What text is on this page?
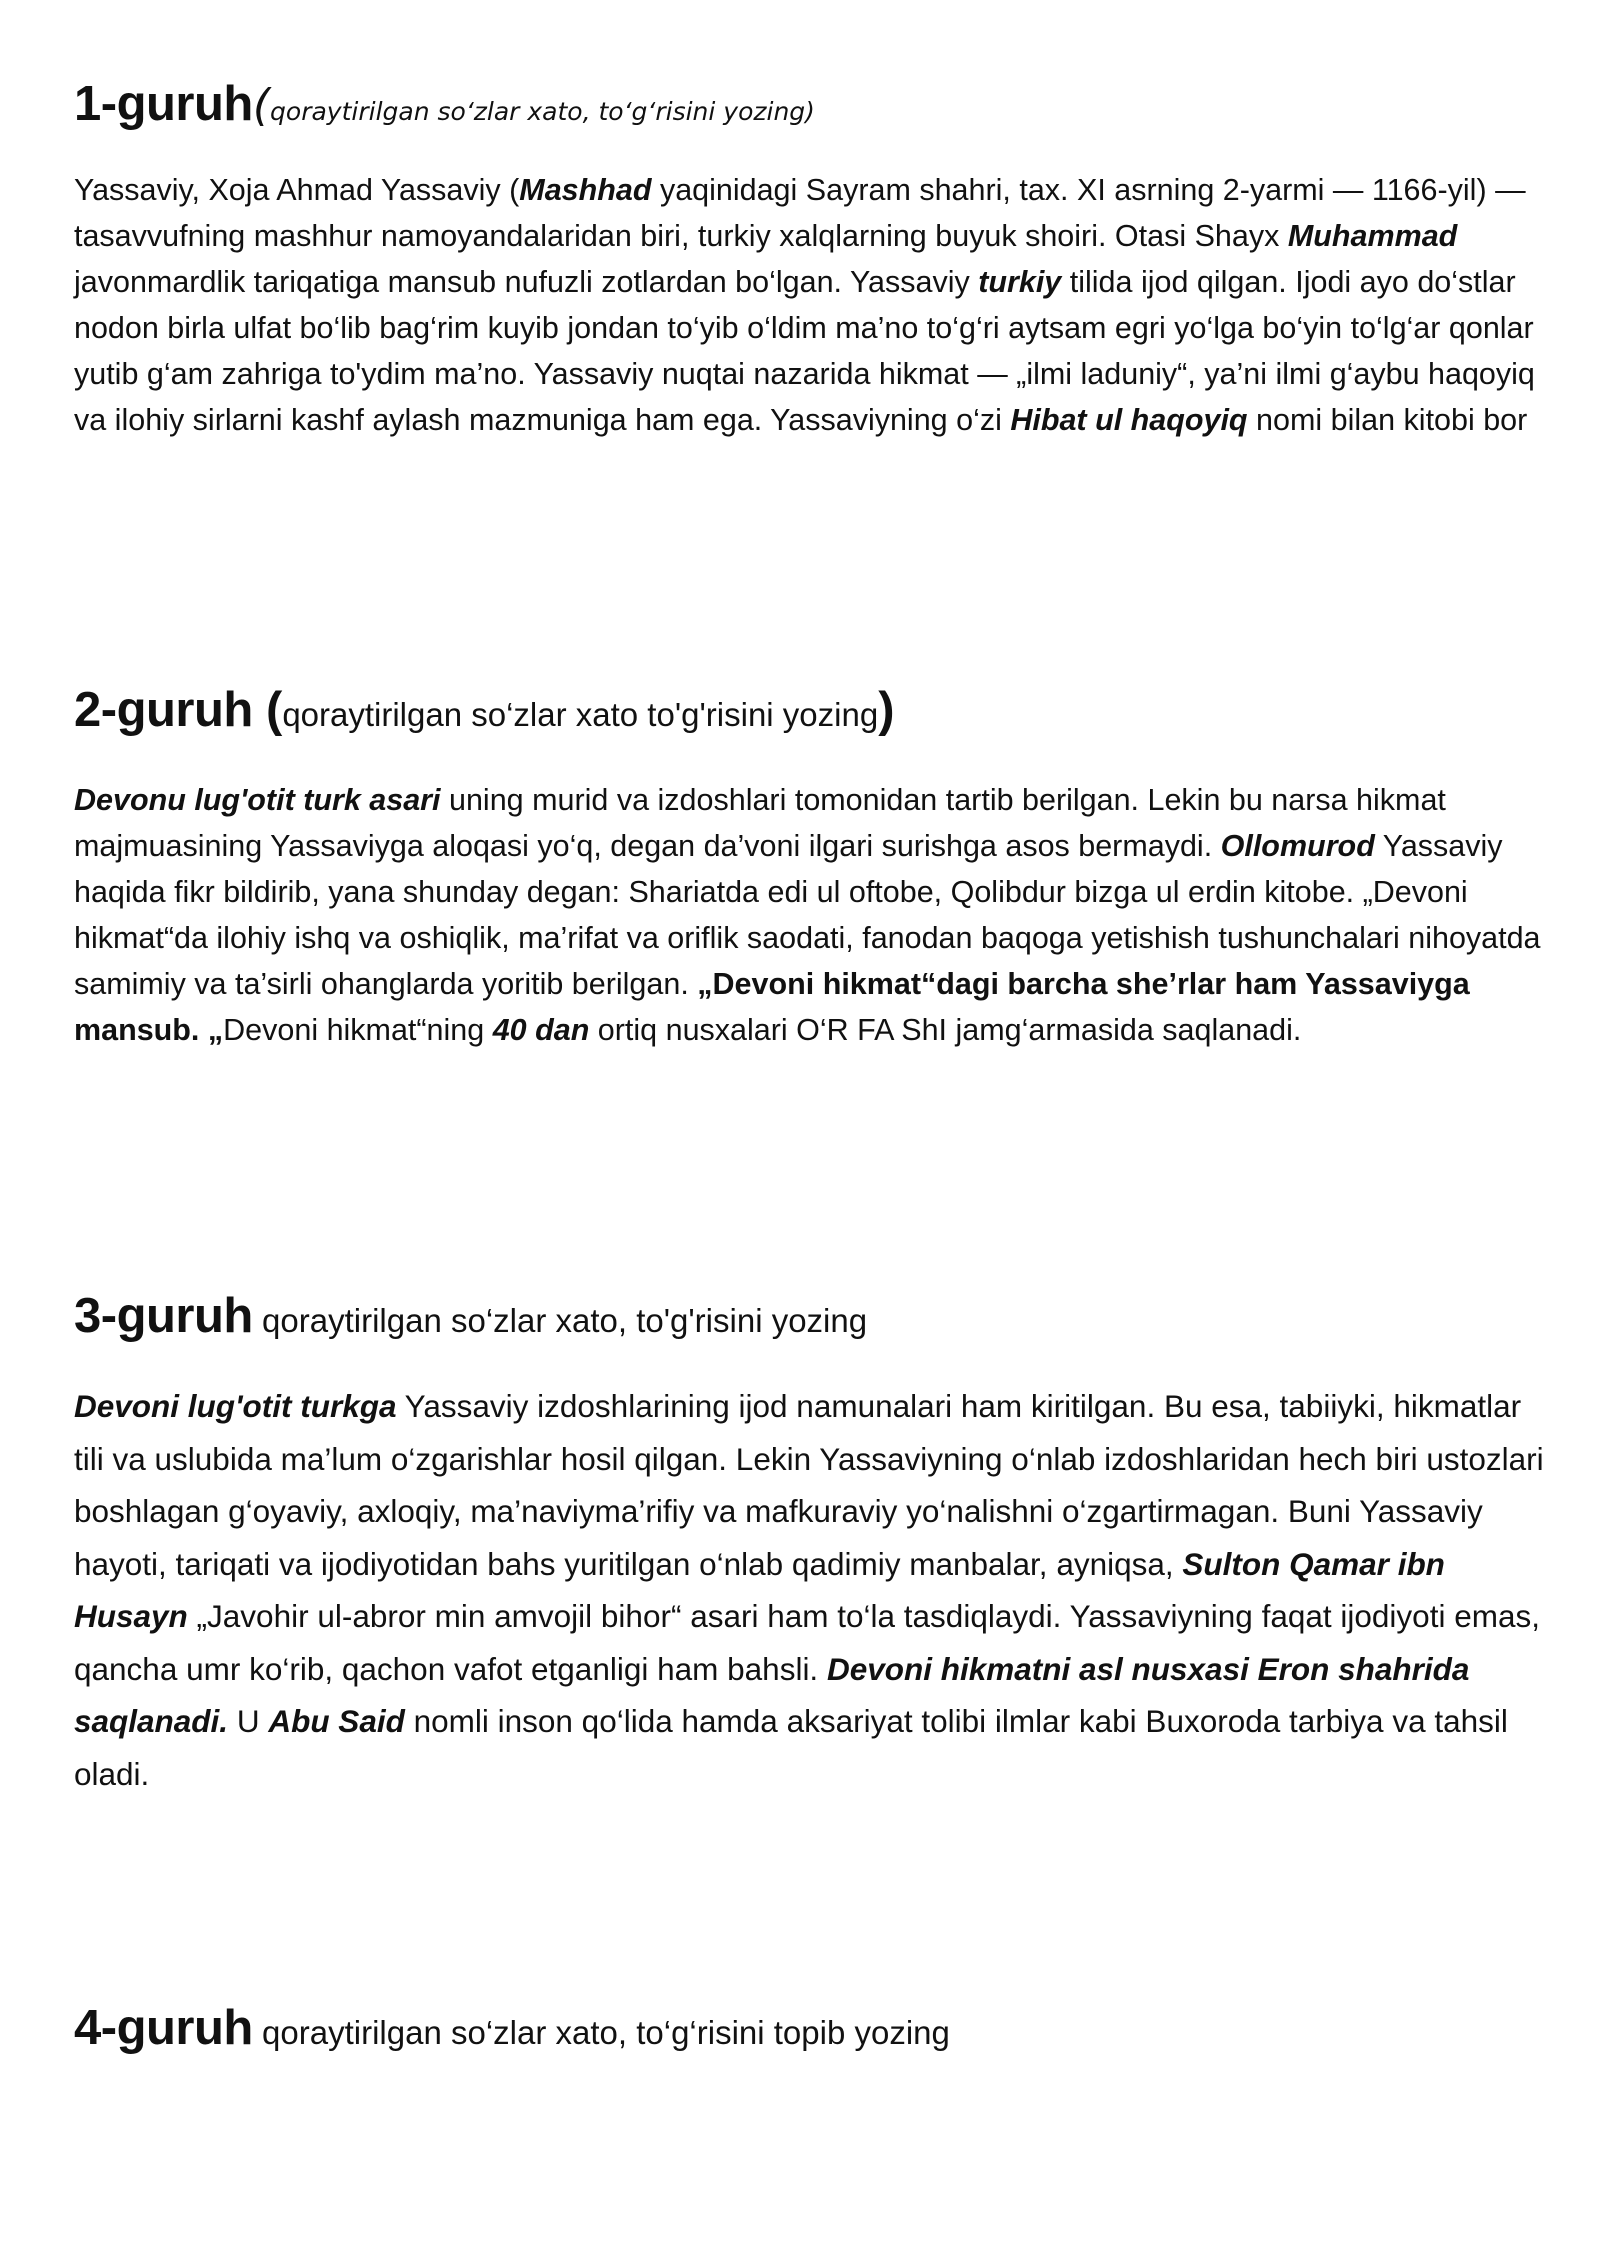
1-guruh(qoraytirilgan so‘zlar xato, to‘g‘risini yozing)

Yassaviy, Xoja Ahmad Yassaviy (Mashhad yaqinidagi Sayram shahri, tax. XI asrning 2-yarmi — 1166-yil) — tasavvufning mashhur namoyandalaridan biri, turkiy xalqlarning buyuk shoiri. Otasi Shayx Muhammad javonmardlik tariqatiga mansub nufuzli zotlardan bo‘lgan. Yassaviy turkiy tilida ijod qilgan. Ijodi ayo do‘stlar nodon birla ulfat bo‘lib bag‘rim kuyib jondan to‘yib o‘ldim ma’no to‘g‘ri aytsam egri yo‘lga bo‘yin to‘lg‘ar qonlar yutib g‘am zahriga to'ydim ma’no. Yassaviy nuqtai nazarida hikmat — „ilmi laduniy“, ya’ni ilmi g‘aybu haqoyiq va ilohiy sirlarni kashf aylash mazmuniga ham ega. Yassaviyning o‘zi Hibat ul haqoyiq nomi bilan kitobi bor

2-guruh (qoraytirilgan so‘zlar xato to'g'risini yozing)

Devonu lug'otit turk asari uning murid va izdoshlari tomonidan tartib berilgan. Lekin bu narsa hikmat majmuasining Yassaviyga aloqasi yo‘q, degan da’voni ilgari surishga asos bermaydi. Ollomurod Yassaviy haqida fikr bildirib, yana shunday degan: Shariatda edi ul oftobe, Qolibdur bizga ul erdin kitobe. „Devoni hikmat“da ilohiy ishq va oshiqlik, ma’rifat va oriflik saodati, fanodan baqoga yetishish tushunchalari nihoyatda samimiy va ta’sirli ohanglarda yoritib berilgan. „Devoni hikmat“dagi barcha she’rlar ham Yassaviyga mansub. „Devoni hikmat“ning 40 dan ortiq nusxalari O‘R FA ShI jamg‘armasida saqlanadi.

3-guruh qoraytirilgan so‘zlar xato, to'g'risini yozing

Devoni lug'otit turkga Yassaviy izdoshlarining ijod namunalari ham kiritilgan. Bu esa, tabiiyki, hikmatlar tili va uslubida ma’lum o‘zgarishlar hosil qilgan. Lekin Yassaviyning o‘nlab izdoshlaridan hech biri ustozlari boshlagan g‘oyaviy, axloqiy, ma’naviyma’rifiy va mafkuraviy yo‘nalishni o‘zgartirmagan. Buni Yassaviy hayoti, tariqati va ijodiyotidan bahs yuritilgan o‘nlab qadimiy manbalar, ayniqsa, Sulton Qamar ibn Husayn „Javohir ul-abror min amvojil bihor“ asari ham to‘la tasdiqlaydi. Yassaviyning faqat ijodiyoti emas, qancha umr ko‘rib, qachon vafot etganligi ham bahsli. Devoni hikmatni asl nusxasi Eron shahrida saqlanadi. U Abu Said nomli inson qo‘lida hamda aksariyat tolibi ilmlar kabi Buxoroda tarbiya va tahsil oladi.

4-guruh qoraytirilgan so‘zlar xato, to‘g‘risini topib yozing
